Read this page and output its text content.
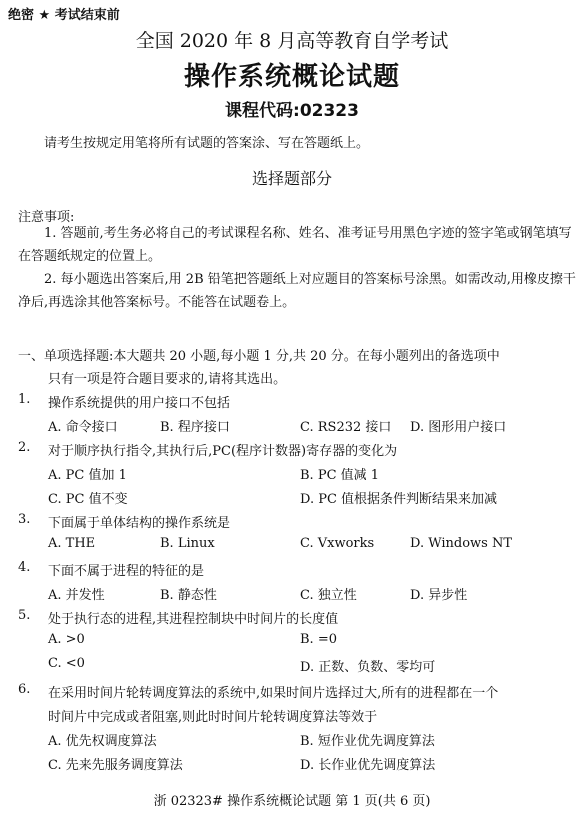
绝密 ★ 考试结束前
全国 2020 年 8 月高等教育自学考试
操作系统概论试题
课程代码:02323
请考生按规定用笔将所有试题的答案涂、写在答题纸上。
选择题部分
注意事项:
1. 答题前,考生务必将自己的考试课程名称、姓名、准考证号用黑色字迹的签字笔或钢笔填写在答题纸规定的位置上。
2. 每小题选出答案后,用 2B 铅笔把答题纸上对应题目的答案标号涂黑。如需改动,用橡皮擦干净后,再选涂其他答案标号。不能答在试题卷上。
一、单项选择题:本大题共 20 小题,每小题 1 分,共 20 分。在每小题列出的备选项中
只有一项是符合题目要求的,请将其选出。
1. 操作系统提供的用户接口不包括
A. 命令接口	B. 程序接口	C. RS232 接口 D. 图形用户接口
2. 对于顺序执行指令,其执行后,PC(程序计数器)寄存器的变化为
A. PC 值加 1	B. PC 值减 1
C. PC 值不变	D. PC 值根据条件判断结果来加减
3. 下面属于单体结构的操作系统是
A. THE	B. Linux	C. Vxworks	D. Windows NT
4. 下面不属于进程的特征的是
A. 并发性	B. 静态性	C. 独立性	D. 异步性
5. 处于执行态的进程,其进程控制块中时间片的长度值
A. >0	B. =0
C. <0	D. 正数、负数、零均可
6. 在采用时间片轮转调度算法的系统中,如果时间片选择过大,所有的进程都在一个
时间片中完成或者阻塞,则此时时间片轮转调度算法等效于
A. 优先权调度算法	B. 短作业优先调度算法
C. 先来先服务调度算法	D. 长作业优先调度算法
浙 02323# 操作系统概论试题 第 1 页(共 6 页)
